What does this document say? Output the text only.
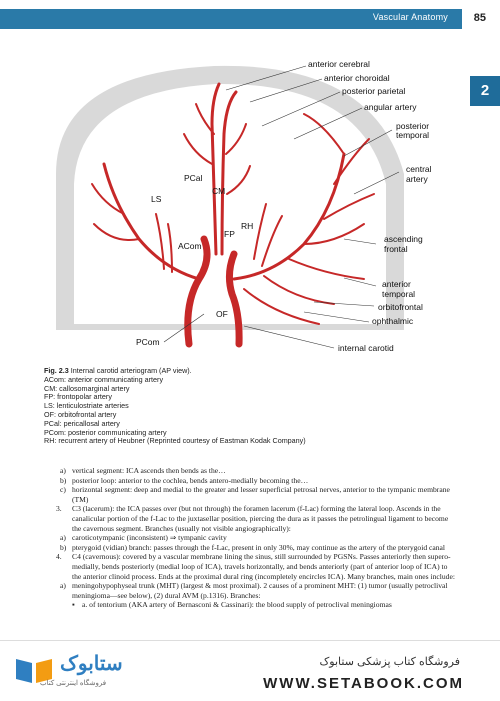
Vascular Anatomy 85
2
anterior cerebral
anterior choroidal
posterior parietal
angular artery
posterior
temporal
central
artery
ascending
frontal
anterior
temporal
orbitofrontal
ophthalmic
internal carotid
PCal
CM
LS
FP
RH
ACom
OF
PCom
Fig. 2.3 Internal carotid arteriogram (AP view).
ACom: anterior communicating artery
CM: callosomarginal artery
FP: frontopolar artery
LS: lenticulostriate arteries
OF: orbitofrontal artery
PCal: pericallosal artery
PCom: posterior communicating artery
RH: recurrent artery of Heubner (Reprinted courtesy of Eastman Kodak Company)
a) vertical segment: ICA ascends then bends as the…
b) posterior loop: anterior to the cochlea, bends antero-medially becoming the…
c) horizontal segment: deep and medial to the greater and lesser superficial petrosal nerves, anterior to the tympanic membrane (TM)
3.	C3 (lacerum): the ICA passes over (but not through) the foramen lacerum (f-Lac) forming the lateral loop. Ascends in the canalicular portion of the f-Lac to the juxtasellar position, piercing the dura as it passes the petrolingual ligament to become the cavernous segment. Branches (usually not visible angiographically):
a) caroticotympanic (inconsistent) ⇒ tympanic cavity
b) pterygoid (vidian) branch: passes through the f-Lac, present in only 30%, may continue as the artery of the pterygoid canal
4.	C4 (cavernous): covered by a vascular membrane lining the sinus, still surrounded by PGSNs. Passes anteriorly then supero-medially, bends posteriorly (medial loop of ICA), travels horizontally, and bends anteriorly (part of anterior loop of ICA) to the anterior clinoid process. Ends at the proximal dural ring (incompletely encircles ICA). Many branches, main ones include:
a) meningohypophyseal trunk (MHT) (largest & most proximal). 2 causes of a prominent MHT: (1) tumor (usually petroclival meningioma—see below), (2) dural AVM (p.1316). Branches:
▪ a. of tentorium (AKA artery of Bernasconi & Cassinari): the blood supply of petroclival meningiomas
ستابوک
فروشگاه اینترنتی کتاب
فروشگاه کتاب پزشکی ستابوک
WWW.SETABOOK.COM
